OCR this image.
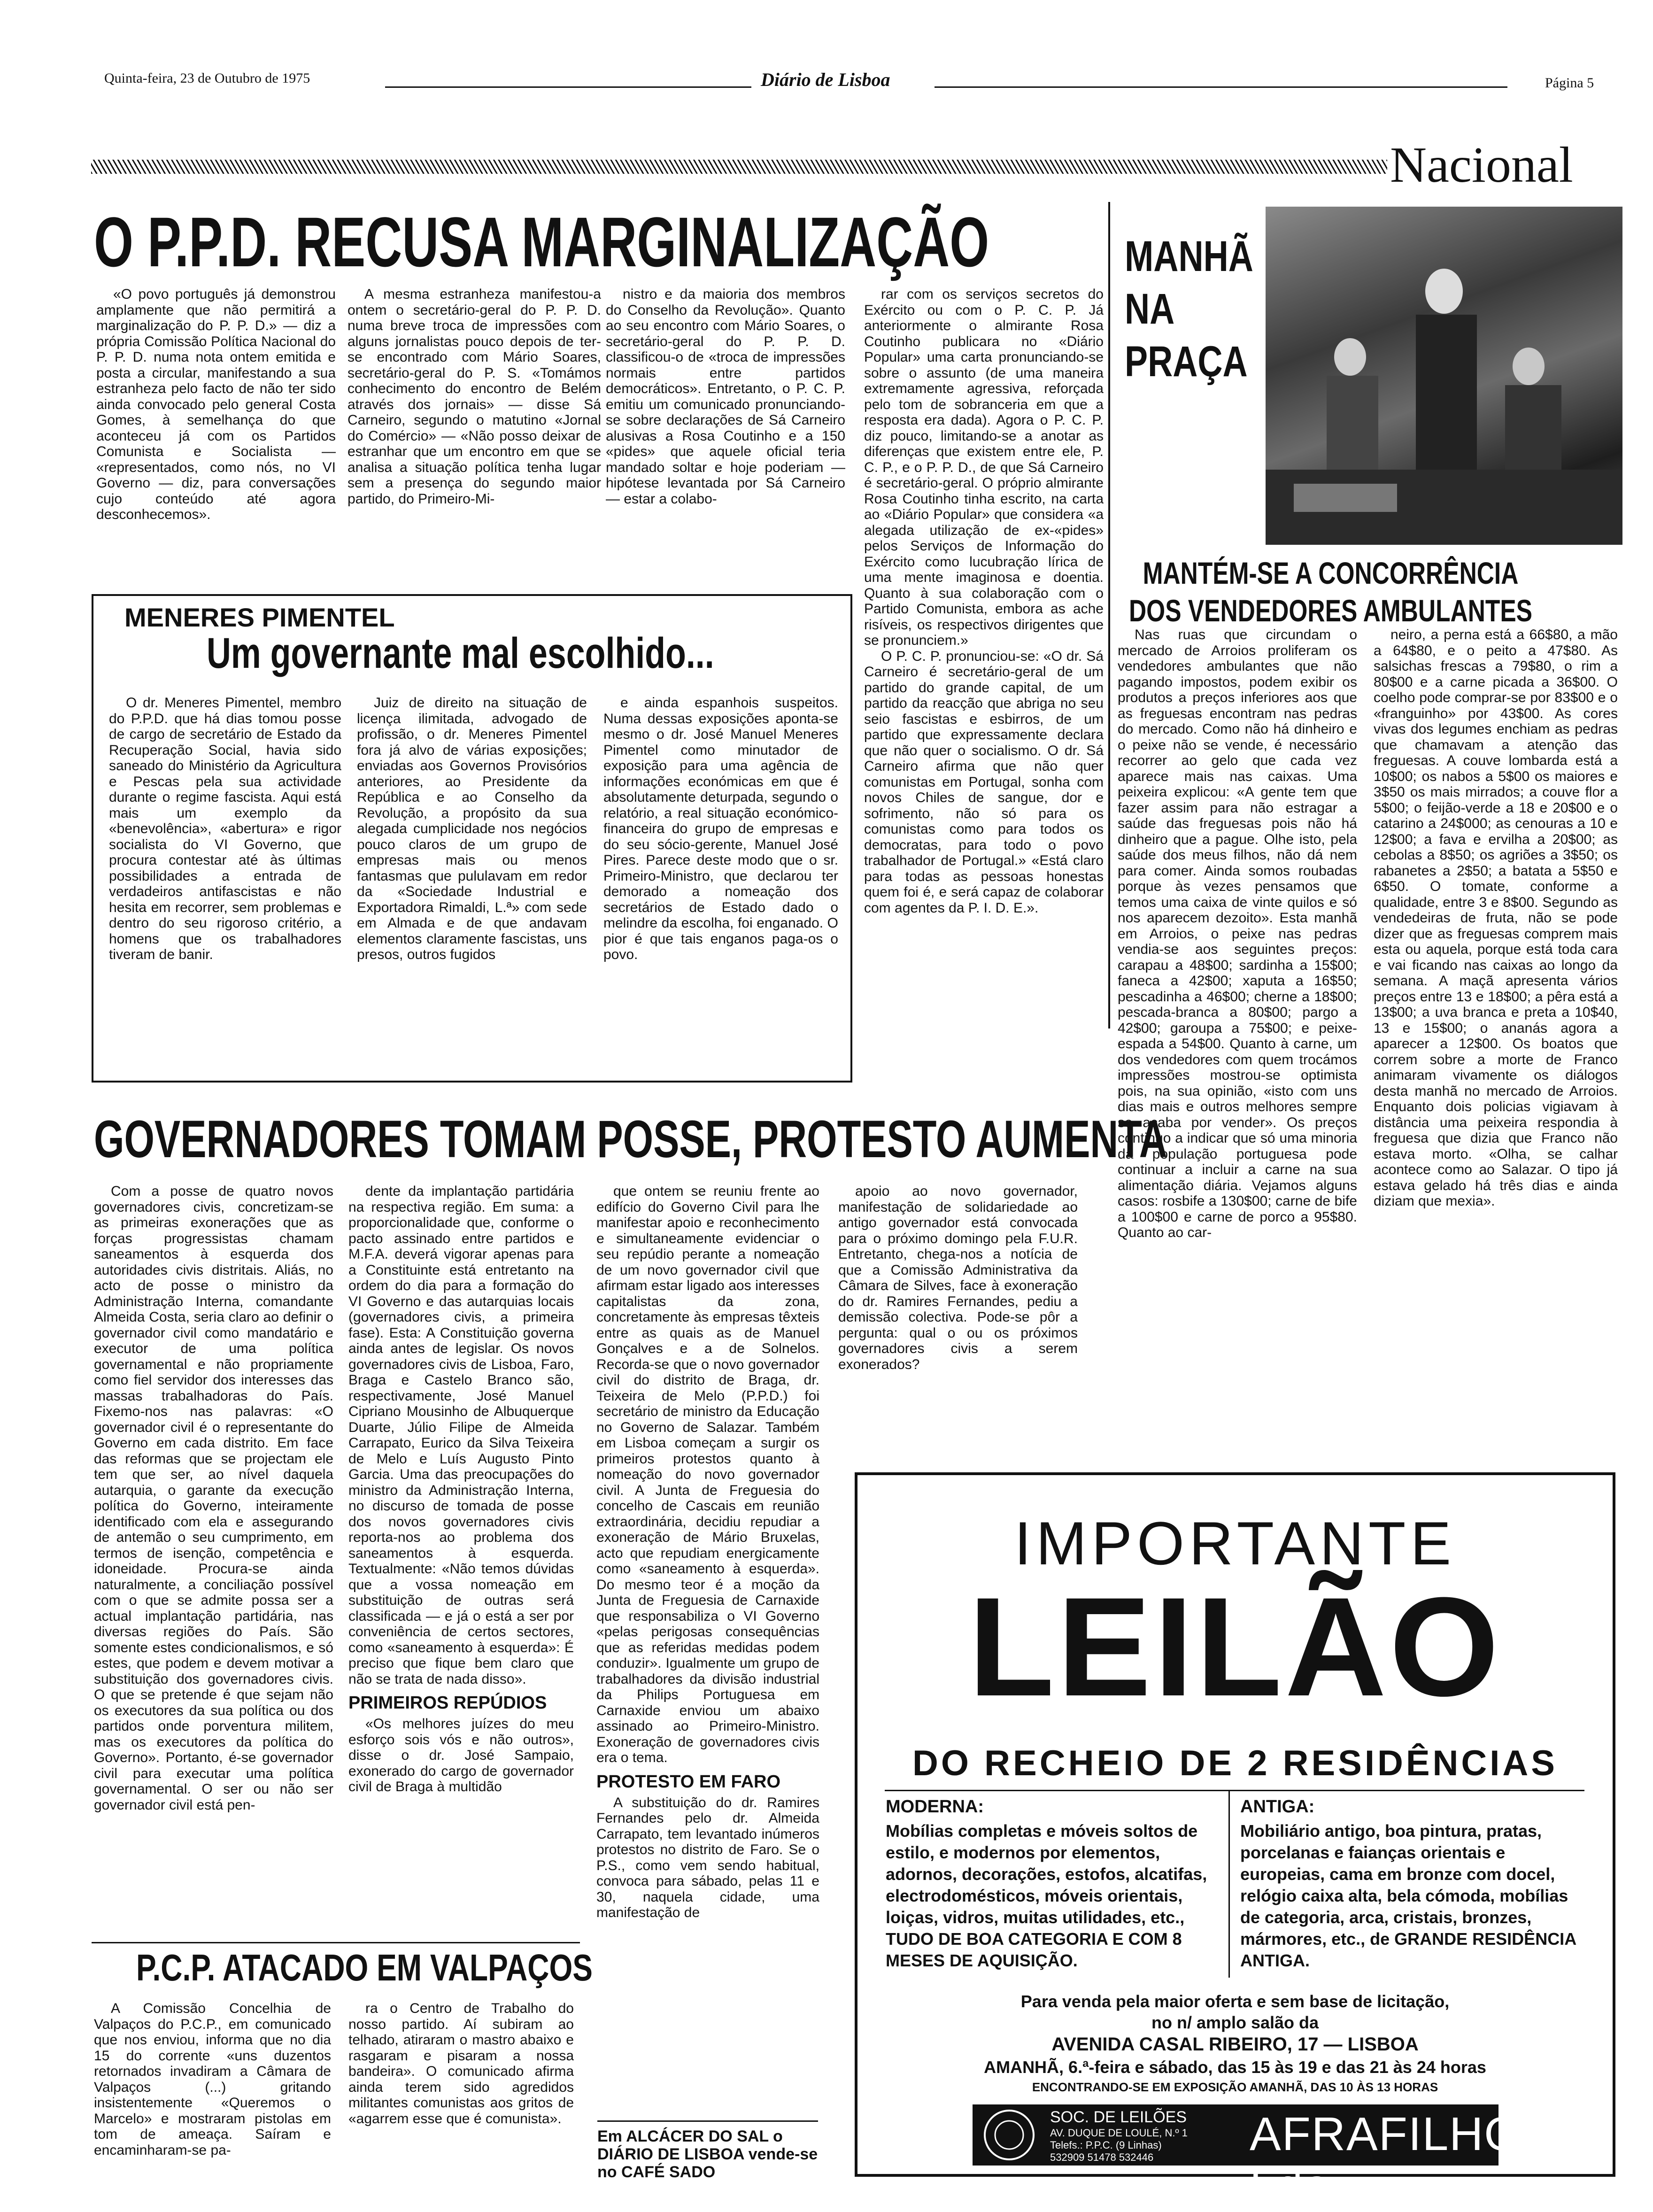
Quinta-feira, 23 de Outubro de 1975	Diário de Lisboa	Página 5
Nacional
O P.P.D. RECUSA MARGINALIZAÇÃO

«O povo português já demonstrou amplamente que não permitirá a marginalização do P. P. D.» — diz a própria Comissão Política Nacional do P. P. D. numa nota ontem emitida e posta a circular, manifestando a sua estranheza pelo facto de não ter sido ainda convocado pelo general Costa Gomes, à semelhança do que aconteceu já com os Partidos Comunista e Socialista — «representados, como nós, no VI Governo — diz, para conversações cujo conteúdo até agora desconhecemos».

A mesma estranheza manifestou-a ontem o secretário-geral do P. P. D. numa breve troca de impressões com alguns jornalistas pouco depois de ter-se encontrado com Mário Soares, secretário-geral do P. S. «Tomámos conhecimento do encontro de Belém através dos jornais» — disse Sá Carneiro, segundo o matutino «Jornal do Comércio» — «Não posso deixar de estranhar que um encontro em que se analisa a situação política tenha lugar sem a presença do segundo maior partido, do Primeiro-Mi-

nistro e da maioria dos membros do Conselho da Revolução». Quanto ao seu encontro com Mário Soares, o secretário-geral do P. P. D. classificou-o de «troca de impressões normais entre partidos democráticos». Entretanto, o P. C. P. emitiu um comunicado pronunciando-se sobre declarações de Sá Carneiro alusivas a Rosa Coutinho e a 150 «pides» que aquele oficial teria mandado soltar e hoje poderiam — hipótese levantada por Sá Carneiro — estar a colabo-

rar com os serviços secretos do Exército ou com o P. C. P. Já anteriormente o almirante Rosa Coutinho publicara no «Diário Popular» uma carta pronunciando-se sobre o assunto (de uma maneira extremamente agressiva, reforçada pelo tom de sobranceria em que a resposta era dada). Agora o P. C. P. diz pouco, limitando-se a anotar as diferenças que existem entre ele, P. C. P., e o P. P. D., de que Sá Carneiro é secretário-geral. O próprio almirante Rosa Coutinho tinha escrito, na carta ao «Diário Popular» que considera «a alegada utilização de ex-«pides» pelos Serviços de Informação do Exército como lucubração lírica de uma mente imaginosa e doentia. Quanto à sua colaboração com o Partido Comunista, embora as ache risíveis, os respectivos dirigentes que se pronunciem.»

O P. C. P. pronunciou-se: «O dr. Sá Carneiro é secretário-geral de um partido do grande capital, de um partido da reacção que abriga no seu seio fascistas e esbirros, de um partido que expressamente declara que não quer o socialismo. O dr. Sá Carneiro afirma que não quer comunistas em Portugal, sonha com novos Chiles de sangue, dor e sofrimento, não só para os comunistas como para todos os democratas, para todo o povo trabalhador de Portugal.» «Está claro para todas as pessoas honestas quem foi é, e será capaz de colaborar com agentes da P. I. D. E.».

MENERES PIMENTEL
Um governante mal escolhido...

O dr. Meneres Pimentel, membro do P.P.D. que há dias tomou posse de cargo de secretário de Estado da Recuperação Social, havia sido saneado do Ministério da Agricultura e Pescas pela sua actividade durante o regime fascista. Aqui está mais um exemplo da «benevolência», «abertura» e rigor socialista do VI Governo, que procura contestar até às últimas possibilidades a entrada de verdadeiros antifascistas e não hesita em recorrer, sem problemas e dentro do seu rigoroso critério, a homens que os trabalhadores tiveram de banir.

Juiz de direito na situação de licença ilimitada, advogado de profissão, o dr. Meneres Pimentel fora já alvo de várias exposições; enviadas aos Governos Provisórios anteriores, ao Presidente da República e ao Conselho da Revolução, a propósito da sua alegada cumplicidade nos negócios pouco claros de um grupo de empresas mais ou menos fantasmas que pululavam em redor da «Sociedade Industrial e Exportadora Rimaldi, L.ª» com sede em Almada e de que andavam elementos claramente fascistas, uns presos, outros fugidos

e ainda espanhois suspeitos. Numa dessas exposições aponta-se mesmo o dr. José Manuel Meneres Pimentel como minutador de exposição para uma agência de informações económicas em que é absolutamente deturpada, segundo o relatório, a real situação económico-financeira do grupo de empresas e do seu sócio-gerente, Manuel José Pires. Parece deste modo que o sr. Primeiro-Ministro, que declarou ter demorado a nomeação dos secretários de Estado dado o melindre da escolha, foi enganado. O pior é que tais enganos paga-os o povo.

MANHÃ NA PRAÇA
MANTÉM-SE A CONCORRÊNCIA DOS VENDEDORES AMBULANTES

Nas ruas que circundam o mercado de Arroios proliferam os vendedores ambulantes que não pagando impostos, podem exibir os produtos a preços inferiores aos que as freguesas encontram nas pedras do mercado. Como não há dinheiro e o peixe não se vende, é necessário recorrer ao gelo que cada vez aparece mais nas caixas. Uma peixeira explicou: «A gente tem que fazer assim para não estragar a saúde das freguesas pois não há dinheiro que a pague. Olhe isto, pela saúde dos meus filhos, não dá nem para comer. Ainda somos roubadas porque às vezes pensamos que temos uma caixa de vinte quilos e só nos aparecem dezoito». Esta manhã em Arroios, o peixe nas pedras vendia-se aos seguintes preços: carapau a 48$00; sardinha a 15$00; faneca a 42$00; xaputa a 16$50; pescadinha a 46$00; cherne a 18$00; pescada-branca a 80$00; pargo a 42$00; garoupa a 75$00; e peixe-espada a 54$00. Quanto à carne, um dos vendedores com quem trocámos impressões mostrou-se optimista pois, na sua opinião, «isto com uns dias mais e outros melhores sempre se acaba por vender». Os preços continuo a indicar que só uma minoria da população portuguesa pode continuar a incluir a carne na sua alimentação diária. Vejamos alguns casos: rosbife a 130$00; carne de bife a 100$00 e carne de porco a 95$80. Quanto ao car-

neiro, a perna está a 66$80, a mão a 64$80, e o peito a 47$80. As salsichas frescas a 79$80, o rim a 80$00 e a carne picada a 36$00. O coelho pode comprar-se por 83$00 e o «franguinho» por 43$00. As cores vivas dos legumes enchiam as pedras que chamavam a atenção das freguesas. A couve lombarda está a 10$00; os nabos a 5$00 os maiores e 3$50 os mais mirrados; a couve flor a 5$00; o feijão-verde a 18 e 20$00 e o catarino a 24$000; as cenouras a 10 e 12$00; a fava e ervilha a 20$00; as cebolas a 8$50; os agriões a 3$50; os rabanetes a 2$50; a batata a 5$50 e 6$50. O tomate, conforme a qualidade, entre 3 e 8$00. Segundo as vendedeiras de fruta, não se pode dizer que as freguesas comprem mais esta ou aquela, porque está toda cara e vai ficando nas caixas ao longo da semana. A maçã apresenta vários preços entre 13 e 18$00; a pêra está a 13$00; a uva branca e preta a 10$40, 13 e 15$00; o ananás agora a aparecer a 12$00. Os boatos que correm sobre a morte de Franco animaram vivamente os diálogos desta manhã no mercado de Arroios. Enquanto dois policias vigiavam à distância uma peixeira respondia à freguesa que dizia que Franco não estava morto. «Olha, se calhar acontece como ao Salazar. O tipo já estava gelado há três dias e ainda diziam que mexia».

GOVERNADORES TOMAM POSSE, PROTESTO AUMENTA

Com a posse de quatro novos governadores civis, concretizam-se as primeiras exonerações que as forças progressistas chamam saneamentos à esquerda dos autoridades civis distritais. Aliás, no acto de posse o ministro da Administração Interna, comandante Almeida Costa, seria claro ao definir o governador civil como mandatário e executor de uma política governamental e não propriamente como fiel servidor dos interesses das massas trabalhadoras do País. Fixemo-nos nas palavras: «O governador civil é o representante do Governo em cada distrito. Em face das reformas que se projectam ele tem que ser, ao nível daquela autarquia, o garante da execução política do Governo, inteiramente identificado com ela e assegurando de antemão o seu cumprimento, em termos de isenção, competência e idoneidade. Procura-se ainda naturalmente, a conciliação possível com o que se admite possa ser a actual implantação partidária, nas diversas regiões do País. São somente estes condicionalismos, e só estes, que podem e devem motivar a substituição dos governadores civis. O que se pretende é que sejam não os executores da sua política ou dos partidos onde porventura militem, mas os executores da política do Governo». Portanto, é-se governador civil para executar uma política governamental. O ser ou não ser governador civil está pen-

dente da implantação partidária na respectiva região. Em suma: a proporcionalidade que, conforme o pacto assinado entre partidos e M.F.A. deverá vigorar apenas para a Constituinte está entretanto na ordem do dia para a formação do VI Governo e das autarquias locais (governadores civis, a primeira fase). Esta: A Constituição governa ainda antes de legislar. Os novos governadores civis de Lisboa, Faro, Braga e Castelo Branco são, respectivamente, José Manuel Cipriano Mousinho de Albuquerque Duarte, Júlio Filipe de Almeida Carrapato, Eurico da Silva Teixeira de Melo e Luís Augusto Pinto Garcia. Uma das preocupações do ministro da Administração Interna, no discurso de tomada de posse dos novos governadores civis reporta-nos ao problema dos saneamentos à esquerda. Textualmente: «Não temos dúvidas que a vossa nomeação em substituição de outras será classificada — e já o está a ser por conveniência de certos sectores, como «saneamento à esquerda»: É preciso que fique bem claro que não se trata de nada disso».

PRIMEIROS REPÚDIOS

«Os melhores juízes do meu esforço sois vós e não outros», disse o dr. José Sampaio, exonerado do cargo de governador civil de Braga à multidão

que ontem se reuniu frente ao edifício do Governo Civil para lhe manifestar apoio e reconhecimento e simultaneamente evidenciar o seu repúdio perante a nomeação de um novo governador civil que afirmam estar ligado aos interesses capitalistas da zona, concretamente às empresas têxteis entre as quais as de Manuel Gonçalves e a de Solnelos. Recorda-se que o novo governador civil do distrito de Braga, dr. Teixeira de Melo (P.P.D.) foi secretário de ministro da Educação no Governo de Salazar. Também em Lisboa começam a surgir os primeiros protestos quanto à nomeação do novo governador civil. A Junta de Freguesia do concelho de Cascais em reunião extraordinária, decidiu repudiar a exoneração de Mário Bruxelas, acto que repudiam energicamente como «saneamento à esquerda». Do mesmo teor é a moção da Junta de Freguesia de Carnaxide que responsabiliza o VI Governo «pelas perigosas consequências que as referidas medidas podem conduzir». Igualmente um grupo de trabalhadores da divisão industrial da Philips Portuguesa em Carnaxide enviou um abaixo assinado ao Primeiro-Ministro. Exoneração de governadores civis era o tema.

PROTESTO EM FARO

A substituição do dr. Ramires Fernandes pelo dr. Almeida Carrapato, tem levantado inúmeros protestos no distrito de Faro. Se o P.S., como vem sendo habitual, convoca para sábado, pelas 11 e 30, naquela cidade, uma manifestação de

apoio ao novo governador, manifestação de solidariedade ao antigo governador está convocada para o próximo domingo pela F.U.R. Entretanto, chega-nos a notícia de que a Comissão Administrativa da Câmara de Silves, face à exoneração do dr. Ramires Fernandes, pediu a demissão colectiva. Pode-se pôr a pergunta: qual o ou os próximos governadores civis a serem exonerados?

P.C.P. ATACADO EM VALPAÇOS

A Comissão Concelhia de Valpaços do P.C.P., em comunicado que nos enviou, informa que no dia 15 do corrente «uns duzentos retornados invadiram a Câmara de Valpaços (...) gritando insistentemente «Queremos o Marcelo» e mostraram pistolas em tom de ameaça. Saíram e encaminharam-se pa-

ra o Centro de Trabalho do nosso partido. Aí subiram ao telhado, atiraram o mastro abaixo e rasgaram e pisaram a nossa bandeira». O comunicado afirma ainda terem sido agredidos militantes comunistas aos gritos de «agarrem esse que é comunista».

Em ALCÁCER DO SAL o DIÁRIO DE LISBOA vende-se no CAFÉ SADO
IMPORTANTE
LEILÃO
DO RECHEIO DE 2 RESIDÊNCIAS
MODERNA:
Mobílias completas e móveis soltos de estilo, e modernos por elementos, adornos, decorações, estofos, alcatifas, electrodomésticos, móveis orientais, loiças, vidros, muitas utilidades, etc., TUDO DE BOA CATEGORIA E COM 8 MESES DE AQUISIÇÃO.
ANTIGA:
Mobiliário antigo, boa pintura, pratas, porcelanas e faianças orientais e europeias, cama em bronze com docel, relógio caixa alta, bela cómoda, mobílias de categoria, arca, cristais, bronzes, mármores, etc., de GRANDE RESIDÊNCIA ANTIGA.
Para venda pela maior oferta e sem base de licitação,
no n/ amplo salão da
AVENIDA CASAL RIBEIRO, 17 — LISBOA
AMANHÃ, 6.ª-feira e sábado, das 15 às 19 e das 21 às 24 horas
ENCONTRANDO-SE EM EXPOSIÇÃO AMANHÃ, DAS 10 ÀS 13 HORAS
SOC. DE LEILÕES
AV. DUQUE DE LOULÉ, N.º 1
Telefs.: P.P.C. (9 Linhas)
532909 51478 532446 AFRAFILHOS, Lda
